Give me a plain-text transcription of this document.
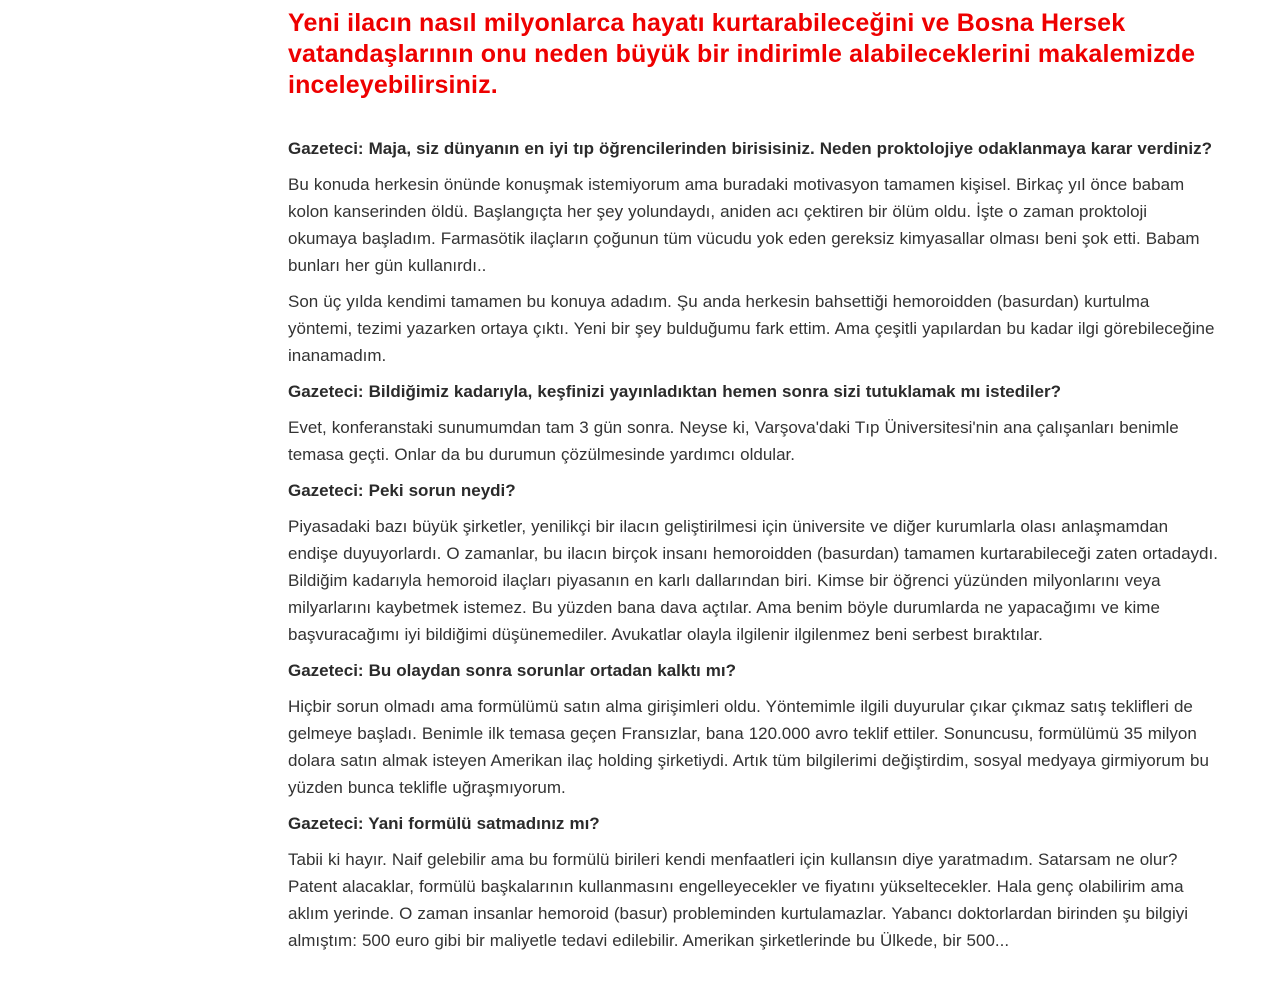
Yeni ilacın nasıl milyonlarca hayatı kurtarabileceğini ve Bosna Hersek vatandaşlarının onu neden büyük bir indirimle alabileceklerini makalemizde inceleyebilirsiniz.

Gazeteci: Maja, siz dünyanın en iyi tıp öğrencilerinden birisisiniz. Neden proktolojiye odaklanmaya karar verdiniz?

Bu konuda herkesin önünde konuşmak istemiyorum ama buradaki motivasyon tamamen kişisel. Birkaç yıl önce babam kolon kanserinden öldü. Başlangıçta her şey yolundaydı, aniden acı çektiren bir ölüm oldu. İşte o zaman proktoloji okumaya başladım. Farmasötik ilaçların çoğunun tüm vücudu yok eden gereksiz kimyasallar olması beni şok etti. Babam bunları her gün kullanırdı..

Son üç yılda kendimi tamamen bu konuya adadım. Şu anda herkesin bahsettiği hemoroidden (basurdan) kurtulma yöntemi, tezimi yazarken ortaya çıktı. Yeni bir şey bulduğumu fark ettim. Ama çeşitli yapılardan bu kadar ilgi görebileceğine inanamadım.

Gazeteci: Bildiğimiz kadarıyla, keşfinizi yayınladıktan hemen sonra sizi tutuklamak mı istediler?

Evet, konferanstaki sunumumdan tam 3 gün sonra. Neyse ki, Varşova'daki Tıp Üniversitesi'nin ana çalışanları benimle temasa geçti. Onlar da bu durumun çözülmesinde yardımcı oldular.

Gazeteci: Peki sorun neydi?

Piyasadaki bazı büyük şirketler, yenilikçi bir ilacın geliştirilmesi için üniversite ve diğer kurumlarla olası anlaşmamdan endişe duyuyorlardı. O zamanlar, bu ilacın birçok insanı hemoroidden (basurdan) tamamen kurtarabileceği zaten ortadaydı. Bildiğim kadarıyla hemoroid ilaçları piyasanın en karlı dallarından biri. Kimse bir öğrenci yüzünden milyonlarını veya milyarlarını kaybetmek istemez. Bu yüzden bana dava açtılar. Ama benim böyle durumlarda ne yapacağımı ve kime başvuracağımı iyi bildiğimi düşünemediler. Avukatlar olayla ilgilenir ilgilenmez beni serbest bıraktılar.

Gazeteci: Bu olaydan sonra sorunlar ortadan kalktı mı?

Hiçbir sorun olmadı ama formülümü satın alma girişimleri oldu. Yöntemimle ilgili duyurular çıkar çıkmaz satış teklifleri de gelmeye başladı. Benimle ilk temasa geçen Fransızlar, bana 120.000 avro teklif ettiler. Sonuncusu, formülümü 35 milyon dolara satın almak isteyen Amerikan ilaç holding şirketiydi. Artık tüm bilgilerimi değiştirdim, sosyal medyaya girmiyorum bu yüzden bunca teklifle uğraşmıyorum.

Gazeteci: Yani formülü satmadınız mı?

Tabii ki hayır. Naif gelebilir ama bu formülü birileri kendi menfaatleri için kullansın diye yaratmadım. Satarsam ne olur? Patent alacaklar, formülü başkalarının kullanmasını engelleyecekler ve fiyatını yükseltecekler. Hala genç olabilirim ama aklım yerinde. O zaman insanlar hemoroid (basur) probleminden kurtulamazlar. Yabancı doktorlardan birinden şu bilgiyi almıştım: 500 euro gibi bir maliyetle tedavi edilebilir. Amerikan şirketlerinde bu Ülkede, bir 500...
